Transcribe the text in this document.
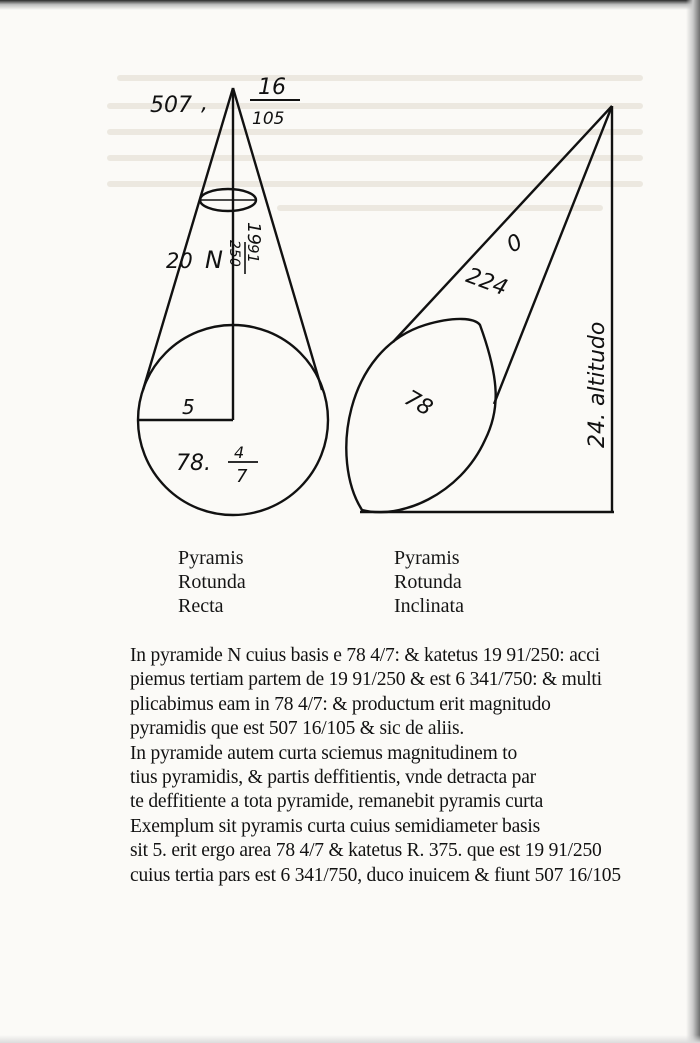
507 ,
16
105
20 N
19
91
250
5
78. 4
7
0
224
78	24. altitudo
Pyramis
Rotunda
Recta
Pyramis
Rotunda
Inclinata
In pyramide N cuius basis e 78 4/7: & katetus 19 91/250: acci
piemus tertiam partem de 19 91/250 & est 6 341/750: & multi
plicabimus eam in 78 4/7: & productum erit magnitudo
pyramidis que est 507 16/105 & sic de aliis.
In pyramide autem curta sciemus magnitudinem to
tius pyramidis, & partis deffitientis, vnde detracta par
te deffitiente a tota pyramide, remanebit pyramis curta
Exemplum sit pyramis curta cuius semidiameter basis
sit 5. erit ergo area 78 4/7 & katetus R. 375. que est 19 91/250
cuius tertia pars est 6 341/750, duco inuicem & fiunt 507 16/105
